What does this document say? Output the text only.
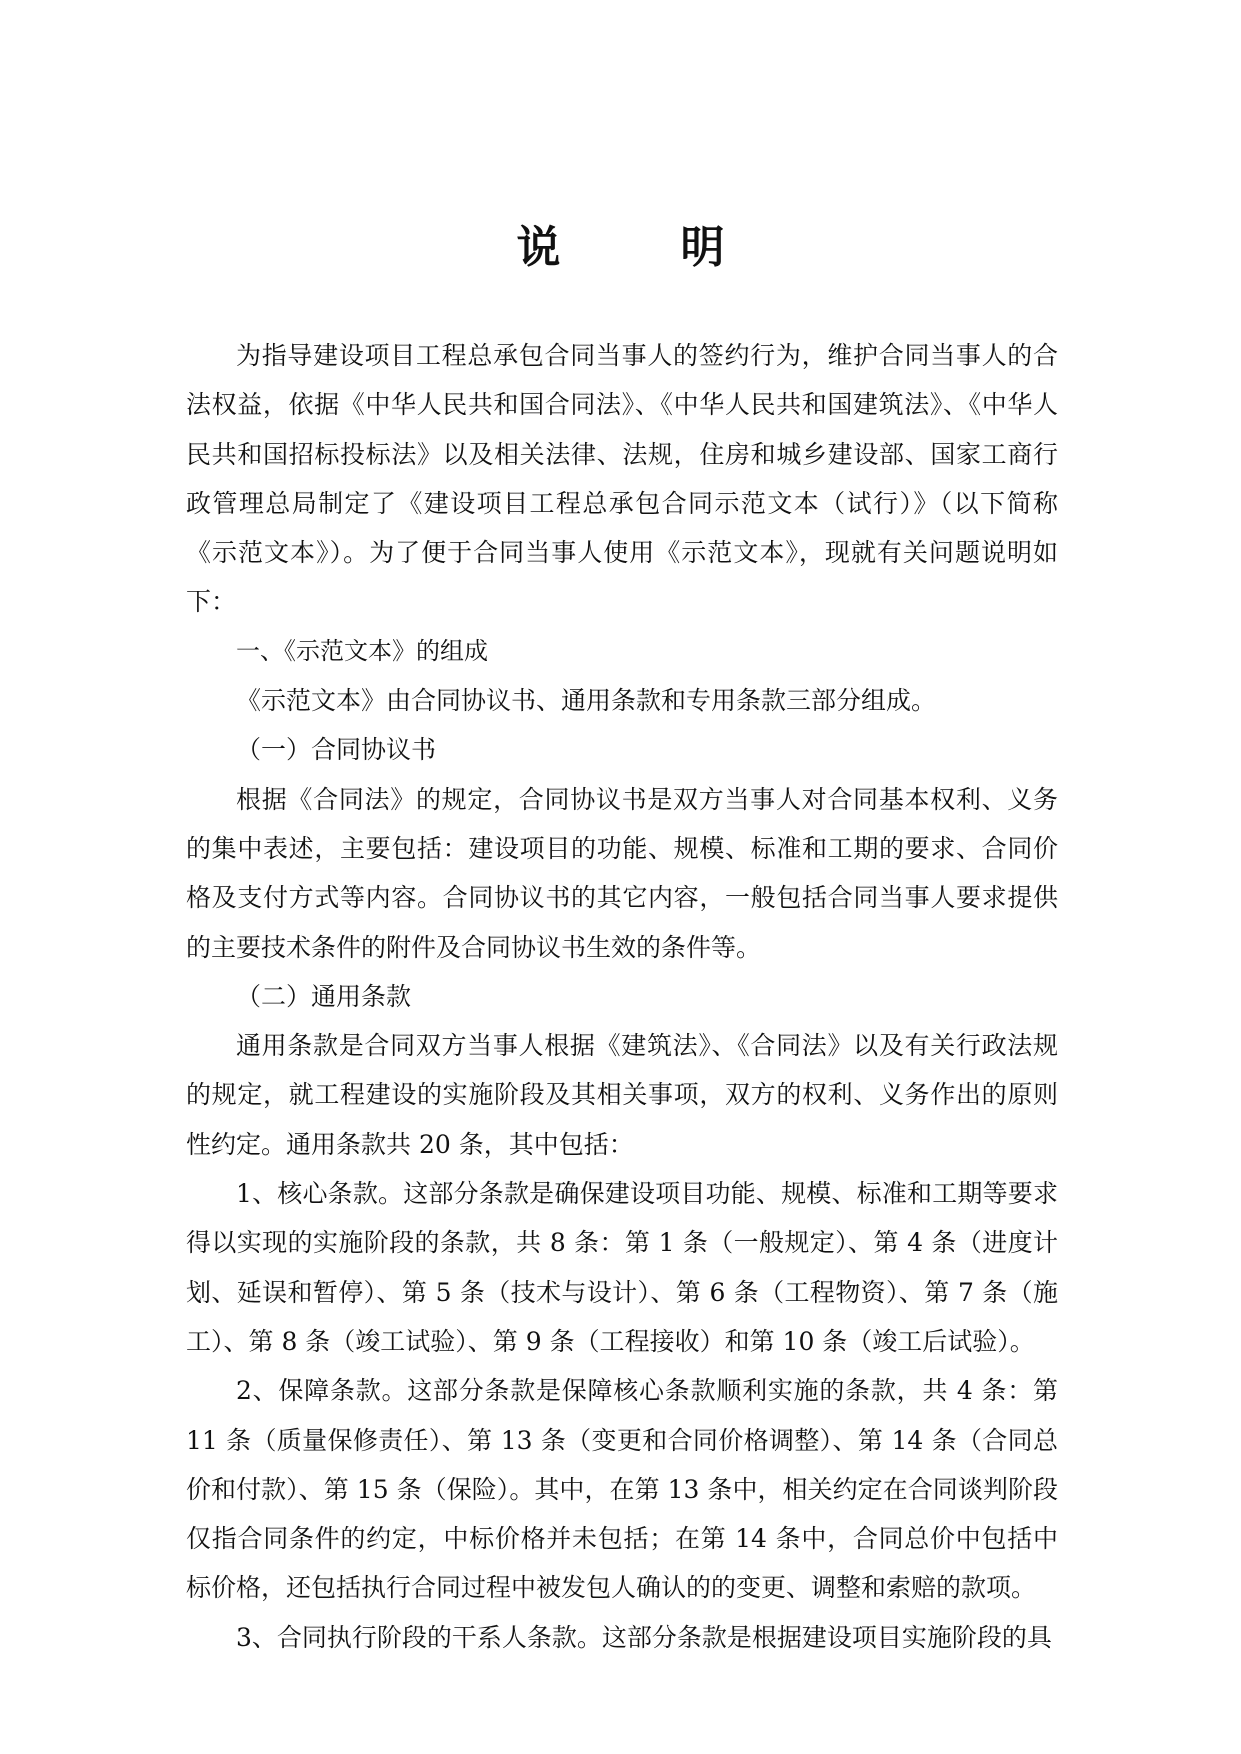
说　明

为指导建设项目工程总承包合同当事人的签约行为，维护合同当事人的合法权益，依据《中华人民共和国合同法》、《中华人民共和国建筑法》、《中华人民共和国招标投标法》以及相关法律、法规，住房和城乡建设部、国家工商行政管理总局制定了《建设项目工程总承包合同示范文本（试行）》（以下简称《示范文本》）。为了便于合同当事人使用《示范文本》，现就有关问题说明如下：

一、《示范文本》的组成

《示范文本》由合同协议书、通用条款和专用条款三部分组成。

（一）合同协议书

根据《合同法》的规定，合同协议书是双方当事人对合同基本权利、义务的集中表述，主要包括：建设项目的功能、规模、标准和工期的要求、合同价格及支付方式等内容。合同协议书的其它内容，一般包括合同当事人要求提供的主要技术条件的附件及合同协议书生效的条件等。

（二）通用条款

通用条款是合同双方当事人根据《建筑法》、《合同法》以及有关行政法规的规定，就工程建设的实施阶段及其相关事项，双方的权利、义务作出的原则性约定。通用条款共 20 条，其中包括：

1、核心条款。这部分条款是确保建设项目功能、规模、标准和工期等要求得以实现的实施阶段的条款，共 8 条：第 1 条（一般规定）、第 4 条（进度计划、延误和暂停）、第 5 条（技术与设计）、第 6 条（工程物资）、第 7 条（施工）、第 8 条（竣工试验）、第 9 条（工程接收）和第 10 条（竣工后试验）。

2、保障条款。这部分条款是保障核心条款顺利实施的条款，共 4 条：第 11 条（质量保修责任）、第 13 条（变更和合同价格调整）、第 14 条（合同总价和付款）、第 15 条（保险）。其中，在第 13 条中，相关约定在合同谈判阶段仅指合同条件的约定，中标价格并未包括；在第 14 条中，合同总价中包括中标价格，还包括执行合同过程中被发包人确认的的变更、调整和索赔的款项。

3、合同执行阶段的干系人条款。这部分条款是根据建设项目实施阶段的具
